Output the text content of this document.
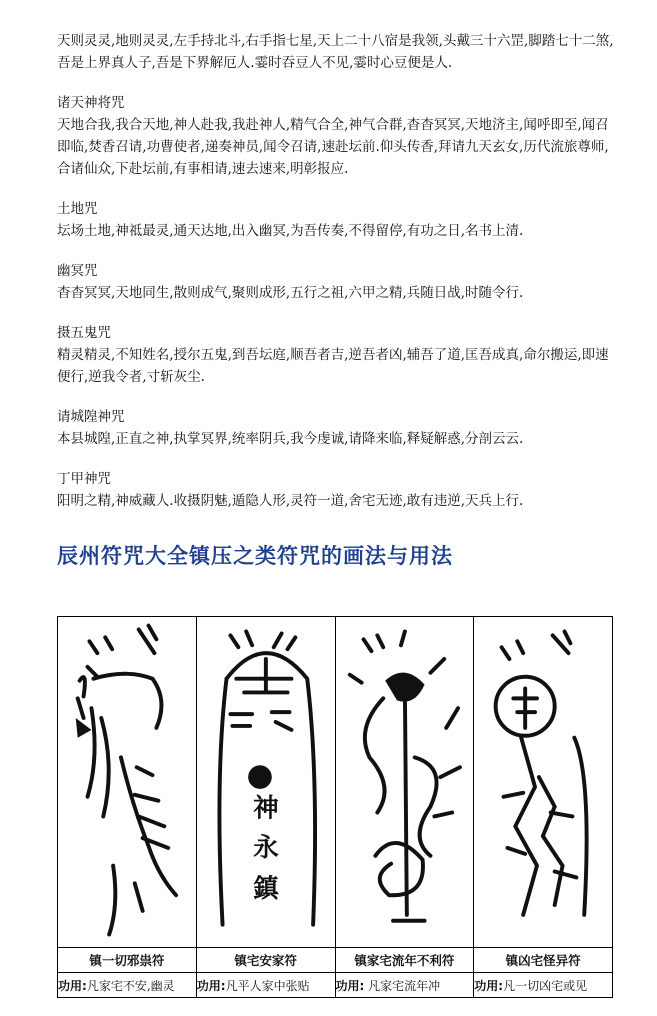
天则灵灵,地则灵灵,左手持北斗,右手指七星,天上二十八宿是我领,头戴三十六罡,脚踏七十二煞,吾是上界真人子,吾是下界解厄人.霎时吞豆人不见,霎时心豆便是人.

诸天神将咒

天地合我,我合天地,神人赴我,我赴神人,精气合全,神气合群,杳杳冥冥,天地济主,闻呼即至,闻召即临,焚香召请,功曹使者,递奏神员,闻令召请,速赴坛前.仰头传香,拜请九天玄女,历代流旅尊师,合诸仙众,下赴坛前,有事相请,速去速来,明彰报应.

土地咒

坛场土地,神祗最灵,通天达地,出入幽冥,为吾传奏,不得留停,有功之日,名书上清.

幽冥咒

杳杳冥冥,天地同生,散则成气,聚则成形,五行之祖,六甲之精,兵随日战,时随令行.

摄五鬼咒

精灵精灵,不知姓名,授尔五鬼,到吾坛庭,顺吾者吉,逆吾者凶,辅吾了道,匡吾成真,命尔搬运,即速便行,逆我令者,寸斩灰尘.

请城隍神咒

本县城隍,正直之神,执掌冥界,统率阴兵,我今虔诚,请降来临,释疑解惑,分剖云云.

丁甲神咒

阳明之精,神威藏人.收摄阴魅,遁隐人形,灵符一道,舍宅无迹,敢有违逆,天兵上行.

辰州符咒大全镇压之类符咒的画法与用法

神
永
鎮

镇一切邪祟符	镇宅安家符	镇家宅流年不利符	镇凶宅怪异符
功用:凡家宅不安,幽灵	功用:凡平人家中张贴	功用: 凡家宅流年冲	功用:凡一切凶宅或见
